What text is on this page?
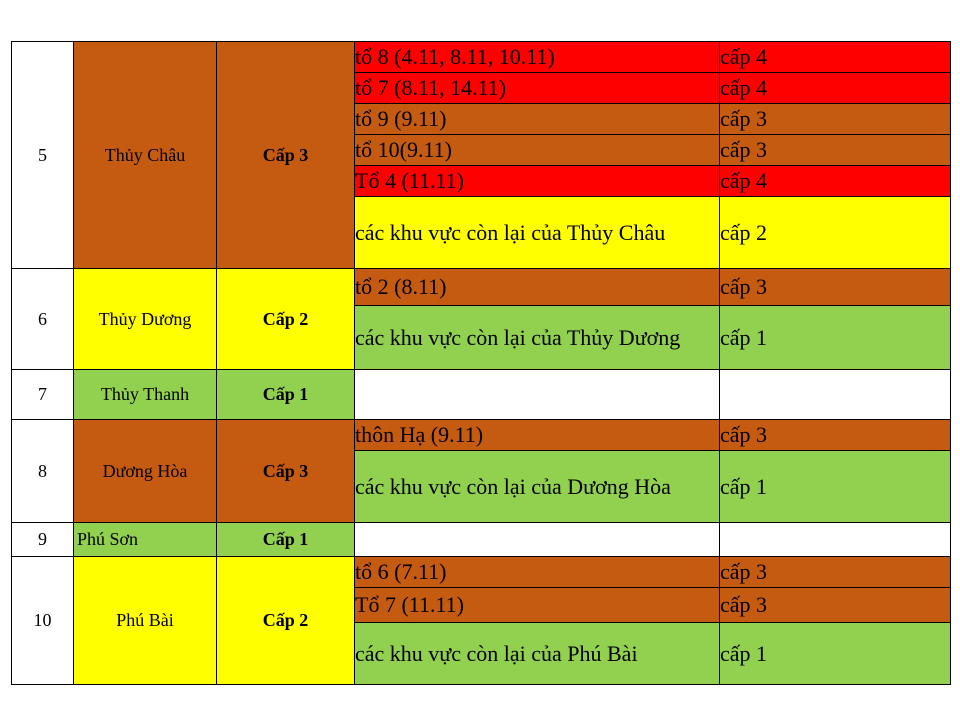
5	Thủy Châu	Cấp 3	tổ 8 (4.11, 8.11, 10.11)	cấp 4
			tổ 7 (8.11, 14.11)	cấp 4
			tổ 9 (9.11)	cấp 3
			tổ 10(9.11)	cấp 3
			Tổ 4 (11.11)	cấp 4
			các khu vực còn lại của Thủy Châu	cấp 2
6	Thủy Dương	Cấp 2	tổ 2 (8.11)	cấp 3
			các khu vực còn lại của Thủy Dương	cấp 1
7	Thủy Thanh	Cấp 1		
8	Dương Hòa	Cấp 3	thôn Hạ (9.11)	cấp 3
			các khu vực còn lại của Dương Hòa	cấp 1
9	Phú Sơn	Cấp 1		
10	Phú Bài	Cấp 2	tổ 6 (7.11)	cấp 3
			Tổ 7 (11.11)	cấp 3
			các khu vực còn lại của Phú Bài	cấp 1
